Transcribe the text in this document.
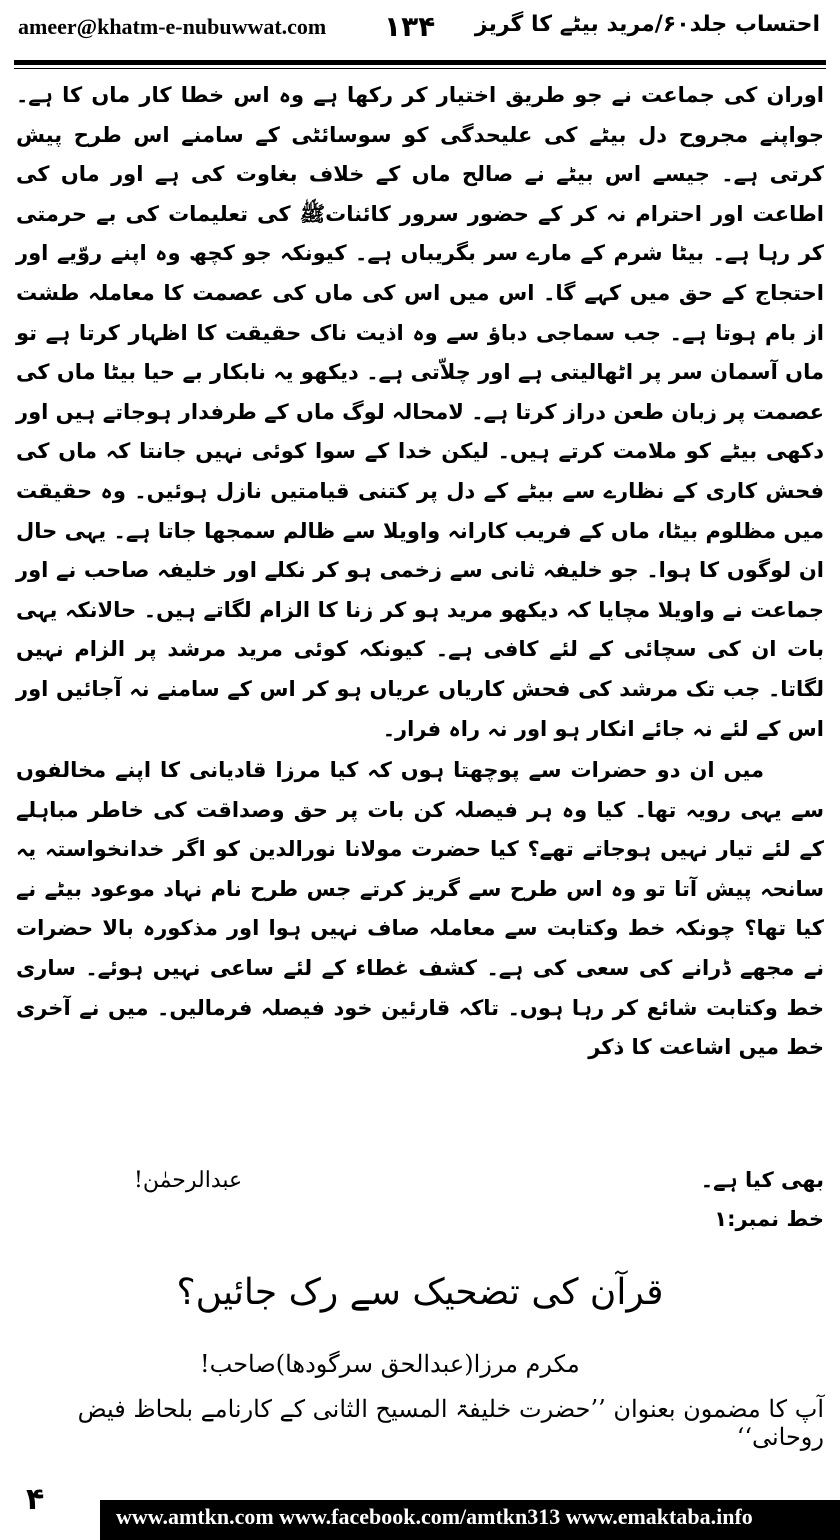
ameer@khatm-e-nubuwwat.com ۱۳۴ احتساب جلد۶۰/مرید بیٹے کا گریز

اوران کی جماعت نے جو طریق اختیار کر رکھا ہے وہ اس خطا کار ماں کا ہے۔ جواپنے مجروح دل بیٹے کی علیحدگی کو سوسائٹی کے سامنے اس طرح پیش کرتی ہے۔ جیسے اس بیٹے نے صالح ماں کے خلاف بغاوت کی ہے اور ماں کی اطاعت اور احترام نہ کر کے حضور سرور کائناتﷺ کی تعلیمات کی بے حرمتی کر رہا ہے۔ بیٹا شرم کے مارے سر بگریباں ہے۔ کیونکہ جو کچھ وہ اپنے روّیے اور احتجاج کے حق میں کہے گا۔ اس میں اس کی ماں کی عصمت کا معاملہ طشت از بام ہوتا ہے۔ جب سماجی دباؤ سے وہ اذیت ناک حقیقت کا اظہار کرتا ہے تو ماں آسمان سر پر اٹھالیتی ہے اور چلاّتی ہے۔ دیکھو یہ نابکار بے حیا بیٹا ماں کی عصمت پر زبان طعن دراز کرتا ہے۔ لامحالہ لوگ ماں کے طرفدار ہوجاتے ہیں اور دکھی بیٹے کو ملامت کرتے ہیں۔ لیکن خدا کے سوا کوئی نہیں جانتا کہ ماں کی فحش کاری کے نظارے سے بیٹے کے دل پر کتنی قیامتیں نازل ہوئیں۔ وہ حقیقت میں مظلوم بیٹا، ماں کے فریب کارانہ واویلا سے ظالم سمجھا جاتا ہے۔ یہی حال ان لوگوں کا ہوا۔ جو خلیفہ ثانی سے زخمی ہو کر نکلے اور خلیفہ صاحب نے اور جماعت نے واویلا مچایا کہ دیکھو مرید ہو کر زنا کا الزام لگاتے ہیں۔ حالانکہ یہی بات ان کی سچائی کے لئے کافی ہے۔ کیونکہ کوئی مرید مرشد پر الزام نہیں لگاتا۔ جب تک مرشد کی فحش کاریاں عریاں ہو کر اس کے سامنے نہ آجائیں اور اس کے لئے نہ جائے انکار ہو اور نہ راہ فرار۔

میں ان دو حضرات سے پوچھتا ہوں کہ کیا مرزا قادیانی کا اپنے مخالفوں سے یہی رویہ تھا۔ کیا وہ ہر فیصلہ کن بات پر حق وصداقت کی خاطر مباہلے کے لئے تیار نہیں ہوجاتے تھے؟ کیا حضرت مولانا نورالدین کو اگر خدانخواستہ یہ سانحہ پیش آتا تو وہ اس طرح سے گریز کرتے جس طرح نام نہاد موعود بیٹے نے کیا تھا؟ چونکہ خط وکتابت سے معاملہ صاف نہیں ہوا اور مذکورہ بالا حضرات نے مجھے ڈرانے کی سعی کی ہے۔ کشف غطاء کے لئے ساعی نہیں ہوئے۔ ساری خط وکتابت شائع کر رہا ہوں۔ تاکہ قارئین خود فیصلہ فرمالیں۔ میں نے آخری خط میں اشاعت کا ذکر

بھی کیا ہے۔
عبدالرحمٰن!
خط نمبر:۱
قرآن کی تضحیک سے رک جائیں؟
مکرم مرزا(عبدالحق سرگودھا)صاحب!
آپ کا مضمون بعنوان ’’حضرت خلیفۃ المسیح الثانی کے کارنامے بلحاظ فیض روحانی‘‘
۴	www.amtkn.com www.facebook.com/amtkn313 www.emaktaba.info
